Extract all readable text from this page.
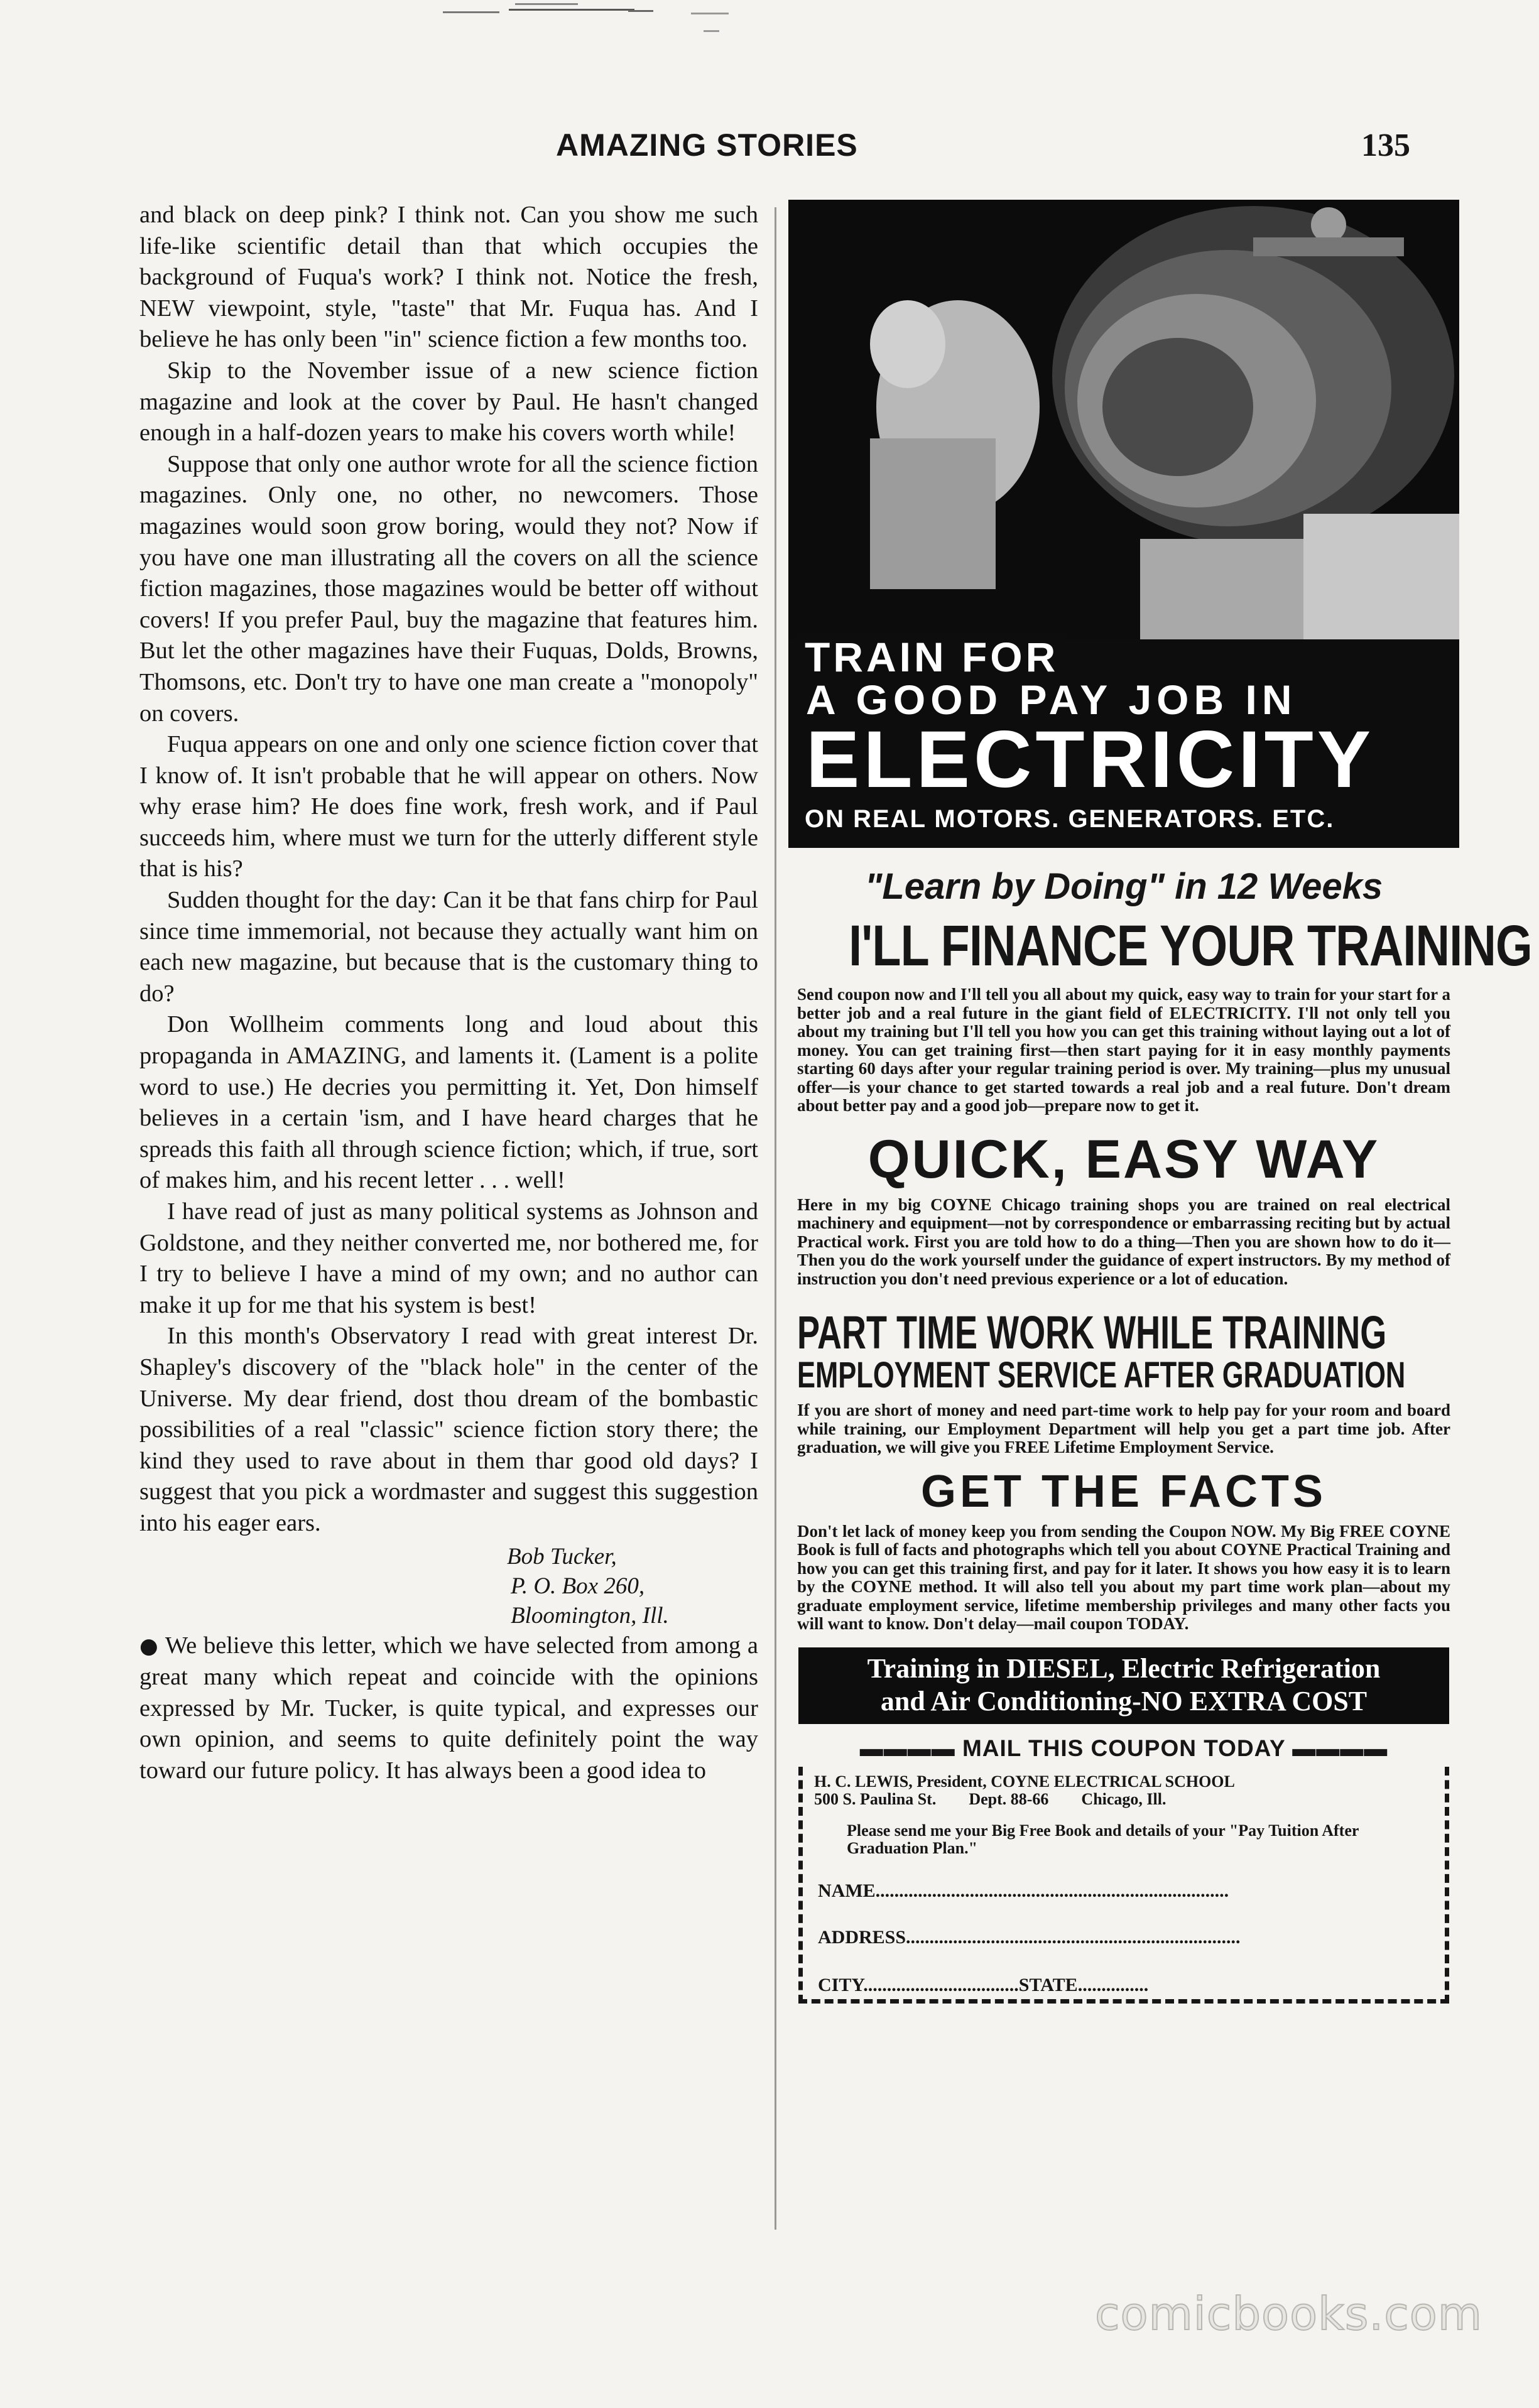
AMAZING STORIES	135

and black on deep pink? I think not. Can you show me such life-like scientific detail than that which occupies the background of Fuqua's work? I think not. Notice the fresh, NEW viewpoint, style, "taste" that Mr. Fuqua has. And I believe he has only been "in" science fiction a few months too.

Skip to the November issue of a new science fiction magazine and look at the cover by Paul. He hasn't changed enough in a half-dozen years to make his covers worth while!

Suppose that only one author wrote for all the science fiction magazines. Only one, no other, no newcomers. Those magazines would soon grow boring, would they not? Now if you have one man illustrating all the covers on all the science fiction magazines, those magazines would be better off without covers! If you prefer Paul, buy the magazine that features him. But let the other magazines have their Fuquas, Dolds, Browns, Thomsons, etc. Don't try to have one man create a "monopoly" on covers.

Fuqua appears on one and only one science fiction cover that I know of. It isn't probable that he will appear on others. Now why erase him? He does fine work, fresh work, and if Paul succeeds him, where must we turn for the utterly different style that is his?

Sudden thought for the day: Can it be that fans chirp for Paul since time immemorial, not because they actually want him on each new magazine, but because that is the customary thing to do?

Don Wollheim comments long and loud about this propaganda in AMAZING, and laments it. (Lament is a polite word to use.) He decries you permitting it. Yet, Don himself believes in a certain 'ism, and I have heard charges that he spreads this faith all through science fiction; which, if true, sort of makes him, and his recent letter . . . well!

I have read of just as many political systems as Johnson and Goldstone, and they neither converted me, nor bothered me, for I try to believe I have a mind of my own; and no author can make it up for me that his system is best!

In this month's Observatory I read with great interest Dr. Shapley's discovery of the "black hole" in the center of the Universe. My dear friend, dost thou dream of the bombastic possibilities of a real "classic" science fiction story there; the kind they used to rave about in them thar good old days? I suggest that you pick a wordmaster and suggest this suggestion into his eager ears.

Bob Tucker,
P. O. Box 260,
Bloomington, Ill.

● We believe this letter, which we have selected from among a great many which repeat and coincide with the opinions expressed by Mr. Tucker, is quite typical, and expresses our own opinion, and seems to quite definitely point the way toward our future policy. It has always been a good idea to

TRAIN FOR
A GOOD PAY JOB IN
ELECTRICITY
ON REAL MOTORS. GENERATORS. ETC.
"Learn by Doing" in 12 Weeks
I'LL FINANCE YOUR TRAINING
Send coupon now and I'll tell you all about my quick, easy way to train for your start for a better job and a real future in the giant field of ELECTRICITY. I'll not only tell you about my training but I'll tell you how you can get this training without laying out a lot of money. You can get training first—then start paying for it in easy monthly payments starting 60 days after your regular training period is over. My training—plus my unusual offer—is your chance to get started towards a real job and a real future. Don't dream about better pay and a good job—prepare now to get it.
QUICK, EASY WAY
Here in my big COYNE Chicago training shops you are trained on real electrical machinery and equipment—not by correspondence or embarrassing reciting but by actual Practical work. First you are told how to do a thing—Then you are shown how to do it—Then you do the work yourself under the guidance of expert instructors. By my method of instruction you don't need previous experience or a lot of education.
PART TIME WORK WHILE TRAINING
EMPLOYMENT SERVICE AFTER GRADUATION
If you are short of money and need part-time work to help pay for your room and board while training, our Employment Department will help you get a part time job. After graduation, we will give you FREE Lifetime Employment Service.
GET THE FACTS
Don't let lack of money keep you from sending the Coupon NOW. My Big FREE COYNE Book is full of facts and photographs which tell you about COYNE Practical Training and how you can get this training first, and pay for it later. It shows you how easy it is to learn by the COYNE method. It will also tell you about my part time work plan—about my graduate employment service, lifetime membership privileges and many other facts you will want to know. Don't delay—mail coupon TODAY.
Training in DIESEL, Electric Refrigeration
and Air Conditioning-NO EXTRA COST
▬▬▬▬ MAIL THIS COUPON TODAY ▬▬▬▬
H. C. LEWIS, President, COYNE ELECTRICAL SCHOOL
500 S. Paulina St.        Dept. 88-66        Chicago, Ill.
Please send me your Big Free Book and details of your "Pay Tuition After Graduation Plan."
NAME...........................................................................
ADDRESS.......................................................................
CITY.................................STATE...............
comicbooks.com
